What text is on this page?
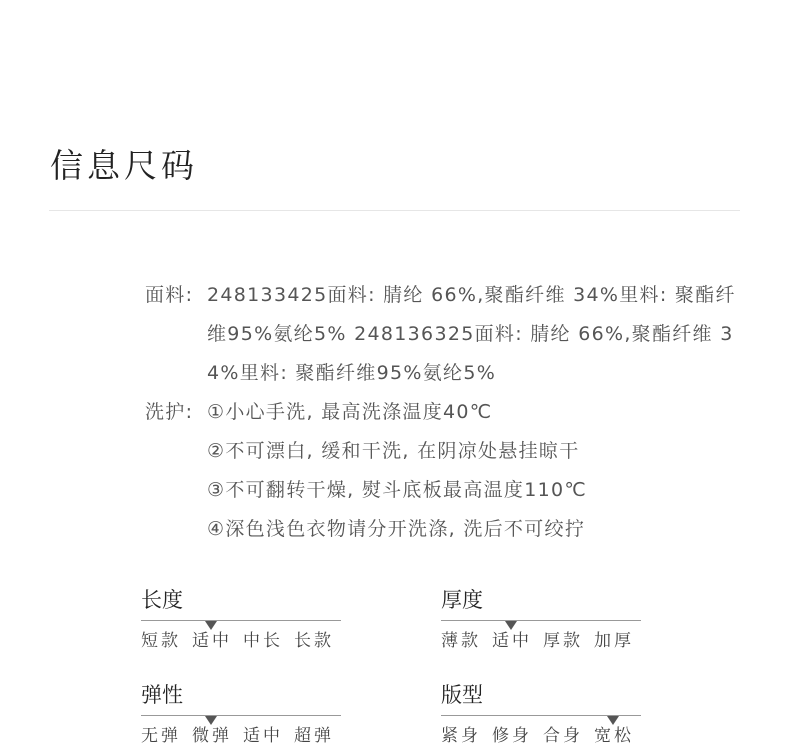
信息尺码
面料: 248133425面料: 腈纶 66%,聚酯纤维 34%里料: 聚酯纤维95%氨纶5% 248136325面料: 腈纶 66%,聚酯纤维 34%里料: 聚酯纤维95%氨纶5%
洗护: ①小心手洗, 最高洗涤温度40℃
②不可漂白, 缓和干洗, 在阴凉处悬挂晾干
③不可翻转干燥, 熨斗底板最高温度110℃
④深色浅色衣物请分开洗涤, 洗后不可绞拧
长度
短款 适中 中长 长款
厚度
薄款 适中 厚款 加厚
弹性
无弹 微弹 适中 超弹
版型
紧身 修身 合身 宽松
